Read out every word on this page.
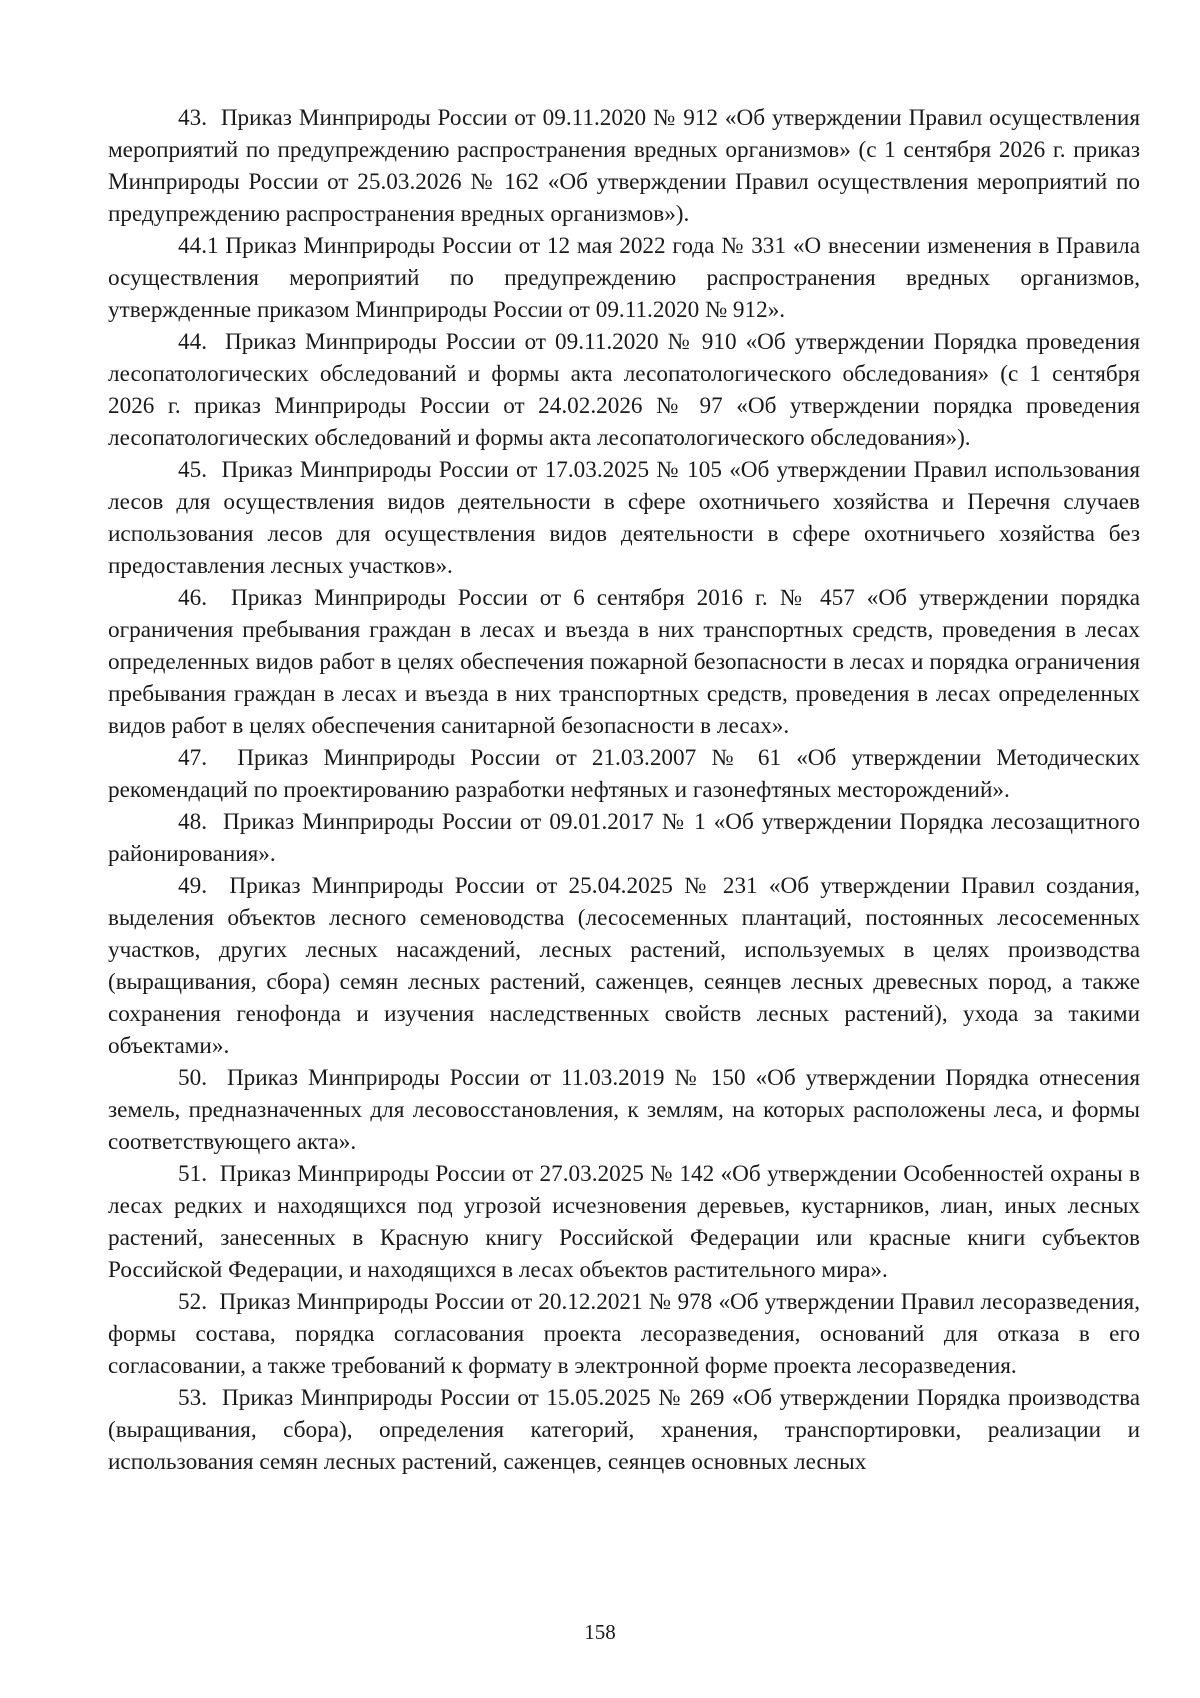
43.  Приказ Минприроды России от 09.11.2020 № 912 «Об утверждении Правил осуществления мероприятий по предупреждению распространения вредных организмов» (с 1 сентября 2026 г. приказ Минприроды России от 25.03.2026 № 162 «Об утверждении Правил осуществления мероприятий по предупреждению распространения вредных организмов»).

44.1 Приказ Минприроды России от 12 мая 2022 года № 331 «О внесении изменения в Правила осуществления мероприятий по предупреждению распространения вредных организмов, утвержденные приказом Минприроды России от 09.11.2020 № 912».

44.  Приказ Минприроды России от 09.11.2020 № 910 «Об утверждении Порядка проведения лесопатологических обследований и формы акта лесопатологического обследования» (с 1 сентября 2026 г. приказ Минприроды России от 24.02.2026 № 97 «Об утверждении порядка проведения лесопатологических обследований и формы акта лесопатологического обследования»).

45.  Приказ Минприроды России от 17.03.2025 № 105 «Об утверждении Правил использования лесов для осуществления видов деятельности в сфере охотничьего хозяйства и Перечня случаев использования лесов для осуществления видов деятельности в сфере охотничьего хозяйства без предоставления лесных участков».

46.  Приказ Минприроды России от 6 сентября 2016 г. № 457 «Об утверждении порядка ограничения пребывания граждан в лесах и въезда в них транспортных средств, проведения в лесах определенных видов работ в целях обеспечения пожарной безопасности в лесах и порядка ограничения пребывания граждан в лесах и въезда в них транспортных средств, проведения в лесах определенных видов работ в целях обеспечения санитарной безопасности в лесах».

47.  Приказ Минприроды России от 21.03.2007 № 61 «Об утверждении Методических рекомендаций по проектированию разработки нефтяных и газонефтяных месторождений».

48.  Приказ Минприроды России от 09.01.2017 № 1 «Об утверждении Порядка лесозащитного районирования».

49.  Приказ Минприроды России от 25.04.2025 № 231 «Об утверждении Правил создания, выделения объектов лесного семеноводства (лесосеменных плантаций, постоянных лесосеменных участков, других лесных насаждений, лесных растений, используемых в целях производства (выращивания, сбора) семян лесных растений, саженцев, сеянцев лесных древесных пород, а также сохранения генофонда и изучения наследственных свойств лесных растений), ухода за такими объектами».

50.  Приказ Минприроды России от 11.03.2019 № 150 «Об утверждении Порядка отнесения земель, предназначенных для лесовосстановления, к землям, на которых расположены леса, и формы соответствующего акта».

51.  Приказ Минприроды России от 27.03.2025 № 142 «Об утверждении Особенностей охраны в лесах редких и находящихся под угрозой исчезновения деревьев, кустарников, лиан, иных лесных растений, занесенных в Красную книгу Российской Федерации или красные книги субъектов Российской Федерации, и находящихся в лесах объектов растительного мира».

52.  Приказ Минприроды России от 20.12.2021 № 978 «Об утверждении Правил лесоразведения, формы состава, порядка согласования проекта лесоразведения, оснований для отказа в его согласовании, а также требований к формату в электронной форме проекта лесоразведения.

53.  Приказ Минприроды России от 15.05.2025 № 269 «Об утверждении Порядка производства (выращивания, сбора), определения категорий, хранения, транспортировки, реализации и использования семян лесных растений, саженцев, сеянцев основных лесных

158
